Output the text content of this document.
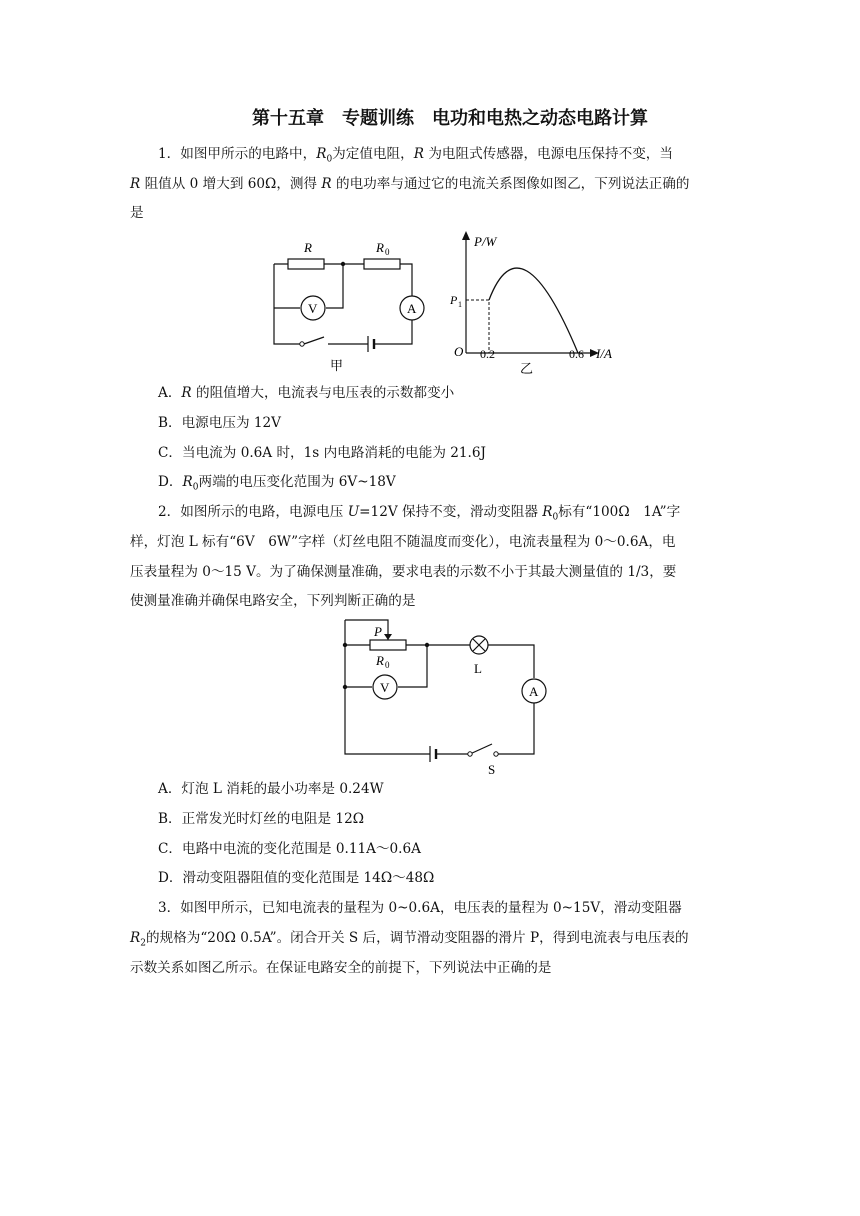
第十五章　专题训练　电功和电热之动态电路计算
1．如图甲所示的电路中，$R_0$为定值电阻，R 为电阻式传感器，电源电压保持不变，当
R 阻值从 0 增大到 60Ω，测得 R 的电功率与通过它的电流关系图像如图乙，下列说法正确的
是
R	R 0
V	A
甲
P/W
P 1
O 0.2	0.6 I/A
乙
A．R 的阻值增大，电流表与电压表的示数都变小
B．电源电压为 12V
C．当电流为 0.6A 时，1s 内电路消耗的电能为 21.6J
D．$R_0$两端的电压变化范围为 6V~18V
2．如图所示的电路，电源电压 U=12V 保持不变，滑动变阻器 $R_0$标有“100Ω　1A”字
样，灯泡 L 标有“6V　6W”字样（灯丝电阻不随温度而变化），电流表量程为 0～0.6A，电
压表量程为 0～15 V。为了确保测量准确，要求电表的示数不小于其最大测量值的 1/3，要
使测量准确并确保电路安全，下列判断正确的是
P
R 0
V
L
A
S
A．灯泡 L 消耗的最小功率是 0.24W
B．正常发光时灯丝的电阻是 12Ω
C．电路中电流的变化范围是 0.11A～0.6A
D．滑动变阻器阻值的变化范围是 14Ω～48Ω
3．如图甲所示，已知电流表的量程为 0~0.6A，电压表的量程为 0~15V，滑动变阻器
$R_2$的规格为“20Ω 0.5A”。闭合开关 S 后，调节滑动变阻器的滑片 P，得到电流表与电压表的
示数关系如图乙所示。在保证电路安全的前提下，下列说法中正确的是
